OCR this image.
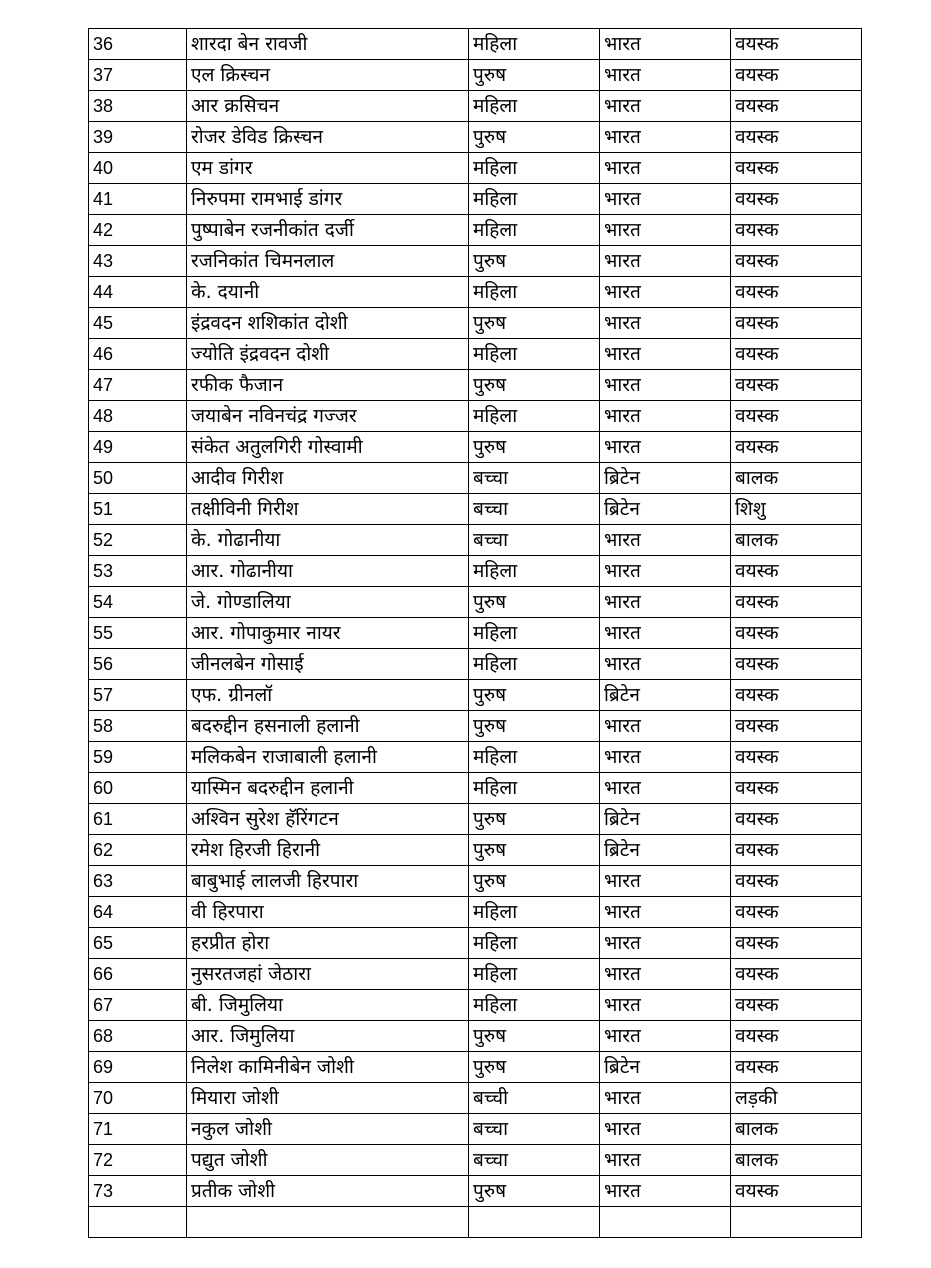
36	शारदा बेन रावजी	महिला	भारत	वयस्क
37	एल क्रिस्चन	पुरुष	भारत	वयस्क
38	आर क्रसिचन	महिला	भारत	वयस्क
39	रोजर डेविड क्रिस्चन	पुरुष	भारत	वयस्क
40	एम डांगर	महिला	भारत	वयस्क
41	निरुपमा रामभाई डांगर	महिला	भारत	वयस्क
42	पुष्पाबेन रजनीकांत दर्जी	महिला	भारत	वयस्क
43	रजनिकांत चिमनलाल	पुरुष	भारत	वयस्क
44	के. दयानी	महिला	भारत	वयस्क
45	इंद्रवदन शशिकांत दोशी	पुरुष	भारत	वयस्क
46	ज्योति इंद्रवदन दोशी	महिला	भारत	वयस्क
47	रफीक फैजान	पुरुष	भारत	वयस्क
48	जयाबेन नविनचंद्र गज्जर	महिला	भारत	वयस्क
49	संकेत अतुलगिरी गोस्वामी	पुरुष	भारत	वयस्क
50	आदीव गिरीश	बच्चा	ब्रिटेन	बालक
51	तक्षीविनी गिरीश	बच्चा	ब्रिटेन	शिशु
52	के. गोढानीया	बच्चा	भारत	बालक
53	आर. गोढानीया	महिला	भारत	वयस्क
54	जे. गोण्डालिया	पुरुष	भारत	वयस्क
55	आर. गोपाकुमार नायर	महिला	भारत	वयस्क
56	जीनलबेन गोसाई	महिला	भारत	वयस्क
57	एफ. ग्रीनलॉ	पुरुष	ब्रिटेन	वयस्क
58	बदरुद्दीन हसनाली हलानी	पुरुष	भारत	वयस्क
59	मलिकबेन राजाबाली हलानी	महिला	भारत	वयस्क
60	यास्मिन बदरुद्दीन हलानी	महिला	भारत	वयस्क
61	अश्विन सुरेश हॅरिंगटन	पुरुष	ब्रिटेन	वयस्क
62	रमेश हिरजी हिरानी	पुरुष	ब्रिटेन	वयस्क
63	बाबुभाई लालजी हिरपारा	पुरुष	भारत	वयस्क
64	वी हिरपारा	महिला	भारत	वयस्क
65	हरप्रीत होरा	महिला	भारत	वयस्क
66	नुसरतजहां जेठारा	महिला	भारत	वयस्क
67	बी. जिमुलिया	महिला	भारत	वयस्क
68	आर. जिमुलिया	पुरुष	भारत	वयस्क
69	निलेश कामिनीबेन जोशी	पुरुष	ब्रिटेन	वयस्क
70	मियारा जोशी	बच्ची	भारत	लड़की
71	नकुल जोशी	बच्चा	भारत	बालक
72	पद्युत जोशी	बच्चा	भारत	बालक
73	प्रतीक जोशी	पुरुष	भारत	वयस्क
